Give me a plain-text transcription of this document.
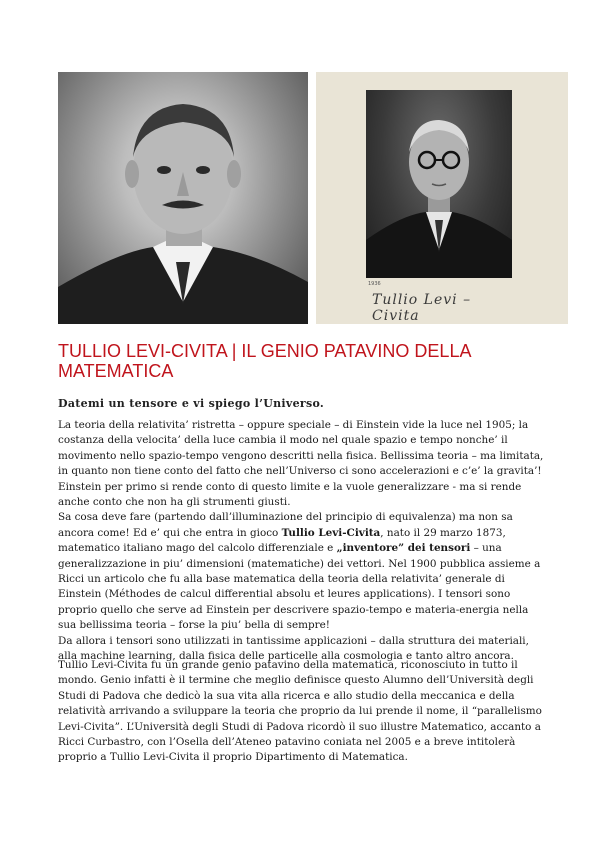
1936
Tullio Levi – Civita
TULLIO LEVI-CIVITA | IL GENIO PATAVINO DELLA MATEMATICA

Datemi un tensore e vi spiego l’Universo.

La teoria della relativita’ ristretta – oppure speciale – di Einstein vide la luce nel 1905; la costanza della velocita’ della luce cambia il modo nel quale spazio e tempo nonche’ il movimento nello spazio-tempo vengono descritti nella fisica. Bellissima teoria – ma limitata, in quanto non tiene conto del fatto che nell’Universo ci sono accelerazioni e c’e’ la gravita’! Einstein per primo si rende conto di questo limite e la vuole generalizzare - ma si rende anche conto che non ha gli strumenti giusti.

Sa cosa deve fare (partendo dall’illuminazione del principio di equivalenza) ma non sa ancora come! Ed e’ qui che entra in gioco Tullio Levi-Civita, nato il 29 marzo 1873, matematico italiano mago del calcolo differenziale e „inventore” dei tensori – una generalizzazione in piu’ dimensioni (matematiche) dei vettori. Nel 1900 pubblica assieme a Ricci un articolo che fu alla base matematica della teoria della relativita’ generale di Einstein (Méthodes de calcul differential absolu et leures applications). I tensori sono proprio quello che serve ad Einstein per descrivere spazio-tempo e materia-energia nella sua bellissima teoria – forse la piu’ bella di sempre!

Da allora i tensori sono utilizzati in tantissime applicazioni – dalla struttura dei materiali, alla machine learning, dalla fisica delle particelle alla cosmologia e tanto altro ancora.

Tullio Levi-Civita fu un grande genio patavino della matematica, riconosciuto in tutto il mondo. Genio infatti è il termine che meglio definisce questo Alumno dell’Università degli Studi di Padova che dedicò la sua vita alla ricerca e allo studio della meccanica e della relatività arrivando a sviluppare la teoria che proprio da lui prende il nome, il “parallelismo Levi-Civita”. L’Università degli Studi di Padova ricordò il suo illustre Matematico, accanto a Ricci Curbastro, con l’Osella dell’Ateneo patavino coniata nel 2005 e a breve intitolerà proprio a Tullio Levi-Civita il proprio Dipartimento di Matematica.
